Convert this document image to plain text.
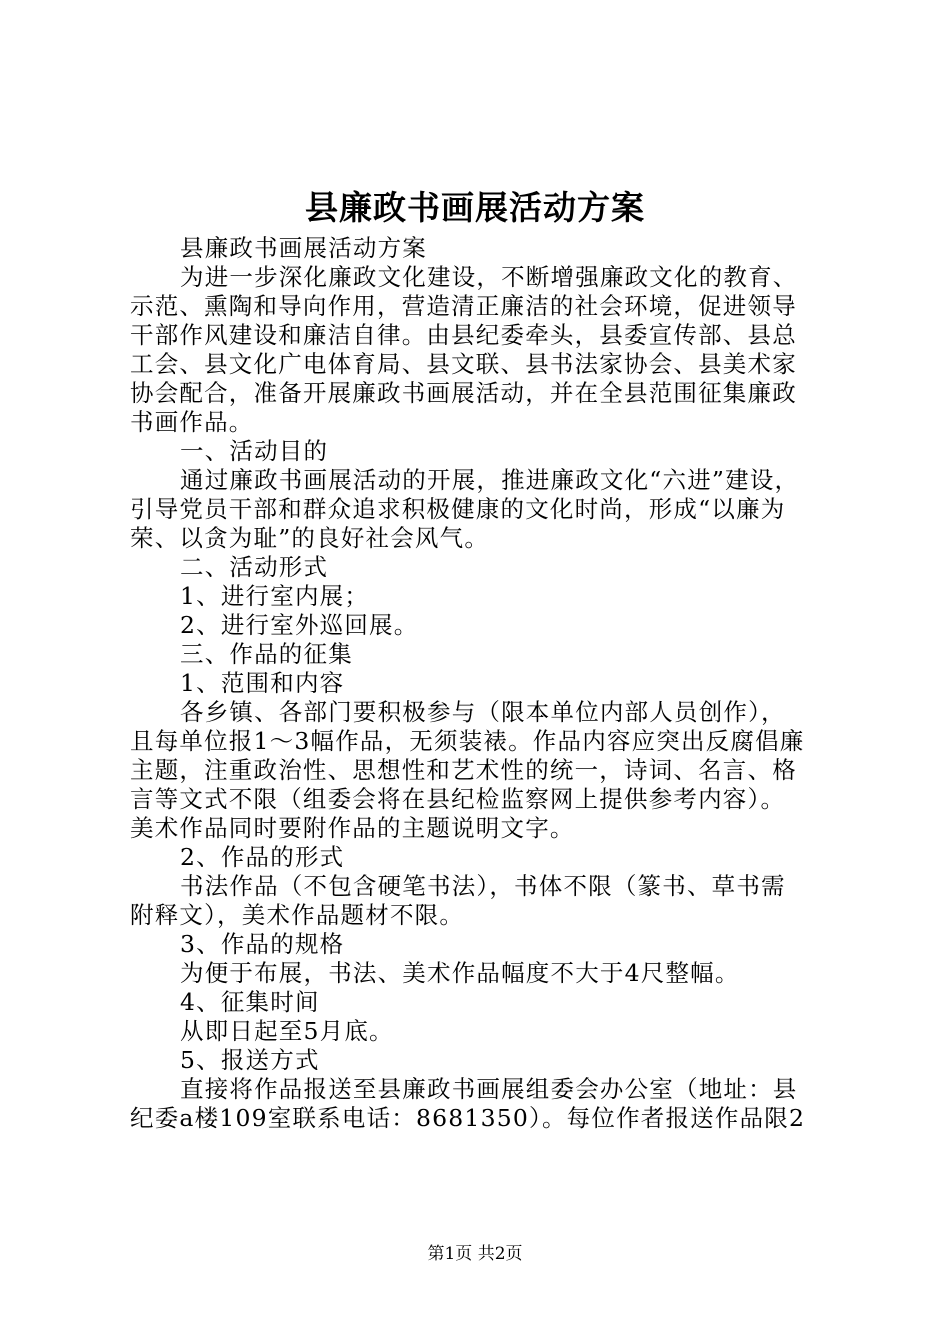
县廉政书画展活动方案

县廉政书画展活动方案

为进一步深化廉政文化建设，不断增强廉政文化的教育、

示范、熏陶和导向作用，营造清正廉洁的社会环境，促进领导

干部作风建设和廉洁自律。由县纪委牵头，县委宣传部、县总

工会、县文化广电体育局、县文联、县书法家协会、县美术家

协会配合，准备开展廉政书画展活动，并在全县范围征集廉政

书画作品。

一、活动目的

通过廉政书画展活动的开展，推进廉政文化“六进”建设，

引导党员干部和群众追求积极健康的文化时尚，形成“以廉为

荣、以贪为耻”的良好社会风气。

二、活动形式

1、进行室内展；

2、进行室外巡回展。

三、作品的征集

1、范围和内容

各乡镇、各部门要积极参与（限本单位内部人员创作），

且每单位报1～3幅作品，无须装裱。作品内容应突出反腐倡廉

主题，注重政治性、思想性和艺术性的统一，诗词、名言、格

言等文式不限（组委会将在县纪检监察网上提供参考内容）。

美术作品同时要附作品的主题说明文字。

2、作品的形式

书法作品（不包含硬笔书法），书体不限（篆书、草书需

附释文），美术作品题材不限。

3、作品的规格

为便于布展，书法、美术作品幅度不大于4尺整幅。

4、征集时间

从即日起至5月底。

5、报送方式

直接将作品报送至县廉政书画展组委会办公室（地址：县

纪委a楼109室联系电话：8681350）。每位作者报送作品限2

第1页 共2页
